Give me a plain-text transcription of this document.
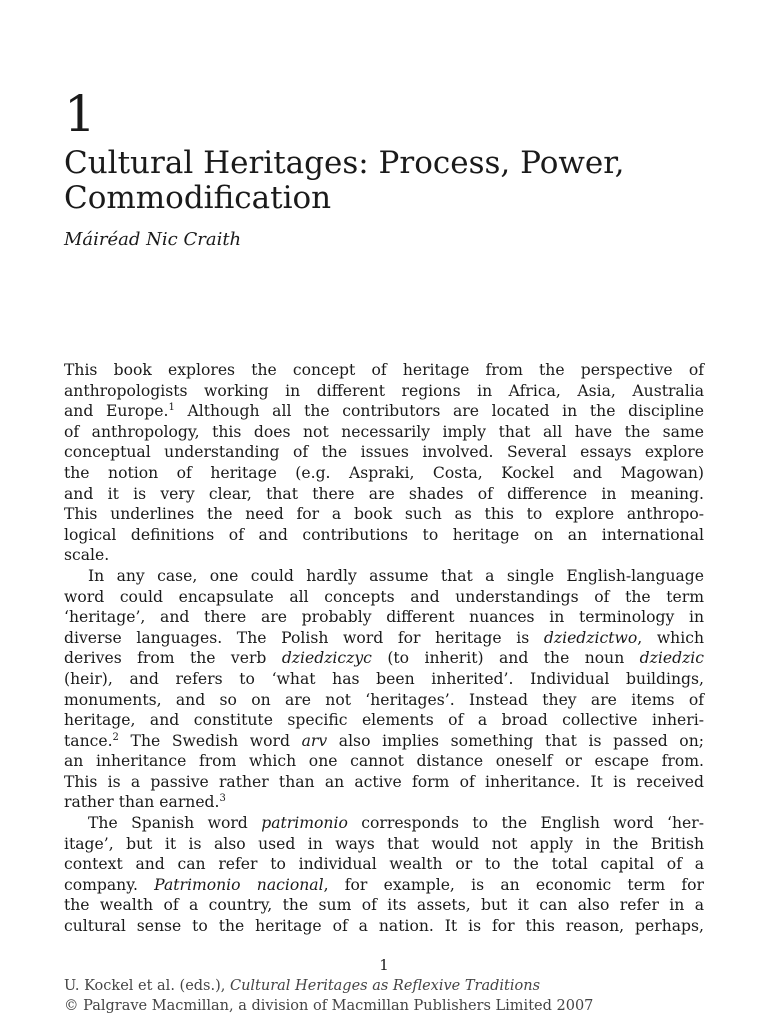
1
Cultural Heritages: Process, Power,
Commodification
Máiréad Nic Craith
This book explores the concept of heritage from the perspective of
anthropologists working in different regions in Africa, Asia, Australia
and Europe.$^1$ Although all the contributors are located in the discipline
of anthropology, this does not necessarily imply that all have the same
conceptual understanding of the issues involved. Several essays explore
the notion of heritage (e.g. Aspraki, Costa, Kockel and Magowan)
and it is very clear, that there are shades of difference in meaning.
This underlines the need for a book such as this to explore anthropo-
logical definitions of and contributions to heritage on an international
scale.
In any case, one could hardly assume that a single English-language
word could encapsulate all concepts and understandings of the term
‘heritage’, and there are probably different nuances in terminology in
diverse languages. The Polish word for heritage is dziedzictwo, which
derives from the verb dziedziczyc (to inherit) and the noun dziedzic
(heir), and refers to ‘what has been inherited’. Individual buildings,
monuments, and so on are not ‘heritages’. Instead they are items of
heritage, and constitute specific elements of a broad collective inheri-
tance.$^2$ The Swedish word arv also implies something that is passed on;
an inheritance from which one cannot distance oneself or escape from.
This is a passive rather than an active form of inheritance. It is received
rather than earned.$^3$
The Spanish word patrimonio corresponds to the English word ‘her-
itage’, but it is also used in ways that would not apply in the British
context and can refer to individual wealth or to the total capital of a
company. Patrimonio nacional, for example, is an economic term for
the wealth of a country, the sum of its assets, but it can also refer in a
cultural sense to the heritage of a nation. It is for this reason, perhaps,
1
U. Kockel et al. (eds.), Cultural Heritages as Reflexive Traditions
© Palgrave Macmillan, a division of Macmillan Publishers Limited 2007
